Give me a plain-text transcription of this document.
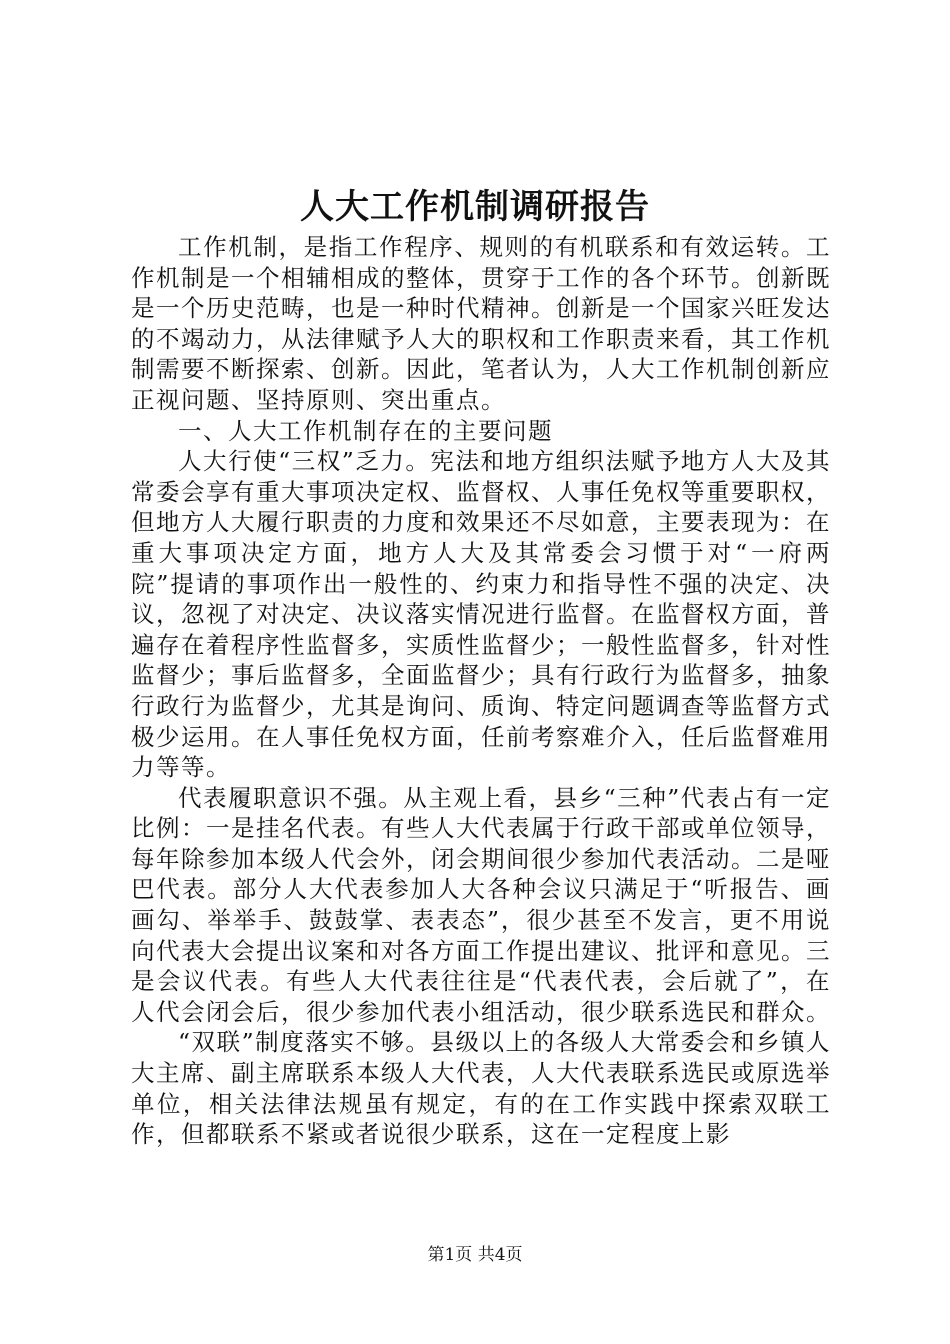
人大工作机制调研报告

工作机制，是指工作程序、规则的有机联系和有效运转。工作机制是一个相辅相成的整体，贯穿于工作的各个环节。创新既是一个历史范畴，也是一种时代精神。创新是一个国家兴旺发达的不竭动力，从法律赋予人大的职权和工作职责来看，其工作机制需要不断探索、创新。因此，笔者认为，人大工作机制创新应正视问题、坚持原则、突出重点。

一、人大工作机制存在的主要问题

人大行使“三权”乏力。宪法和地方组织法赋予地方人大及其常委会享有重大事项决定权、监督权、人事任免权等重要职权，但地方人大履行职责的力度和效果还不尽如意，主要表现为：在重大事项决定方面，地方人大及其常委会习惯于对“一府两院”提请的事项作出一般性的、约束力和指导性不强的决定、决议，忽视了对决定、决议落实情况进行监督。在监督权方面，普遍存在着程序性监督多，实质性监督少；一般性监督多，针对性监督少；事后监督多，全面监督少；具有行政行为监督多，抽象行政行为监督少，尤其是询问、质询、特定问题调查等监督方式极少运用。在人事任免权方面，任前考察难介入，任后监督难用力等等。

代表履职意识不强。从主观上看，县乡“三种”代表占有一定比例：一是挂名代表。有些人大代表属于行政干部或单位领导，每年除参加本级人代会外，闭会期间很少参加代表活动。二是哑巴代表。部分人大代表参加人大各种会议只满足于“听报告、画画勾、举举手、鼓鼓掌、表表态”，很少甚至不发言，更不用说向代表大会提出议案和对各方面工作提出建议、批评和意见。三是会议代表。有些人大代表往往是“代表代表，会后就了”，在人代会闭会后，很少参加代表小组活动，很少联系选民和群众。

“双联”制度落实不够。县级以上的各级人大常委会和乡镇人大主席、副主席联系本级人大代表，人大代表联系选民或原选举单位，相关法律法规虽有规定，有的在工作实践中探索双联工作，但都联系不紧或者说很少联系，这在一定程度上影

第1页 共4页
